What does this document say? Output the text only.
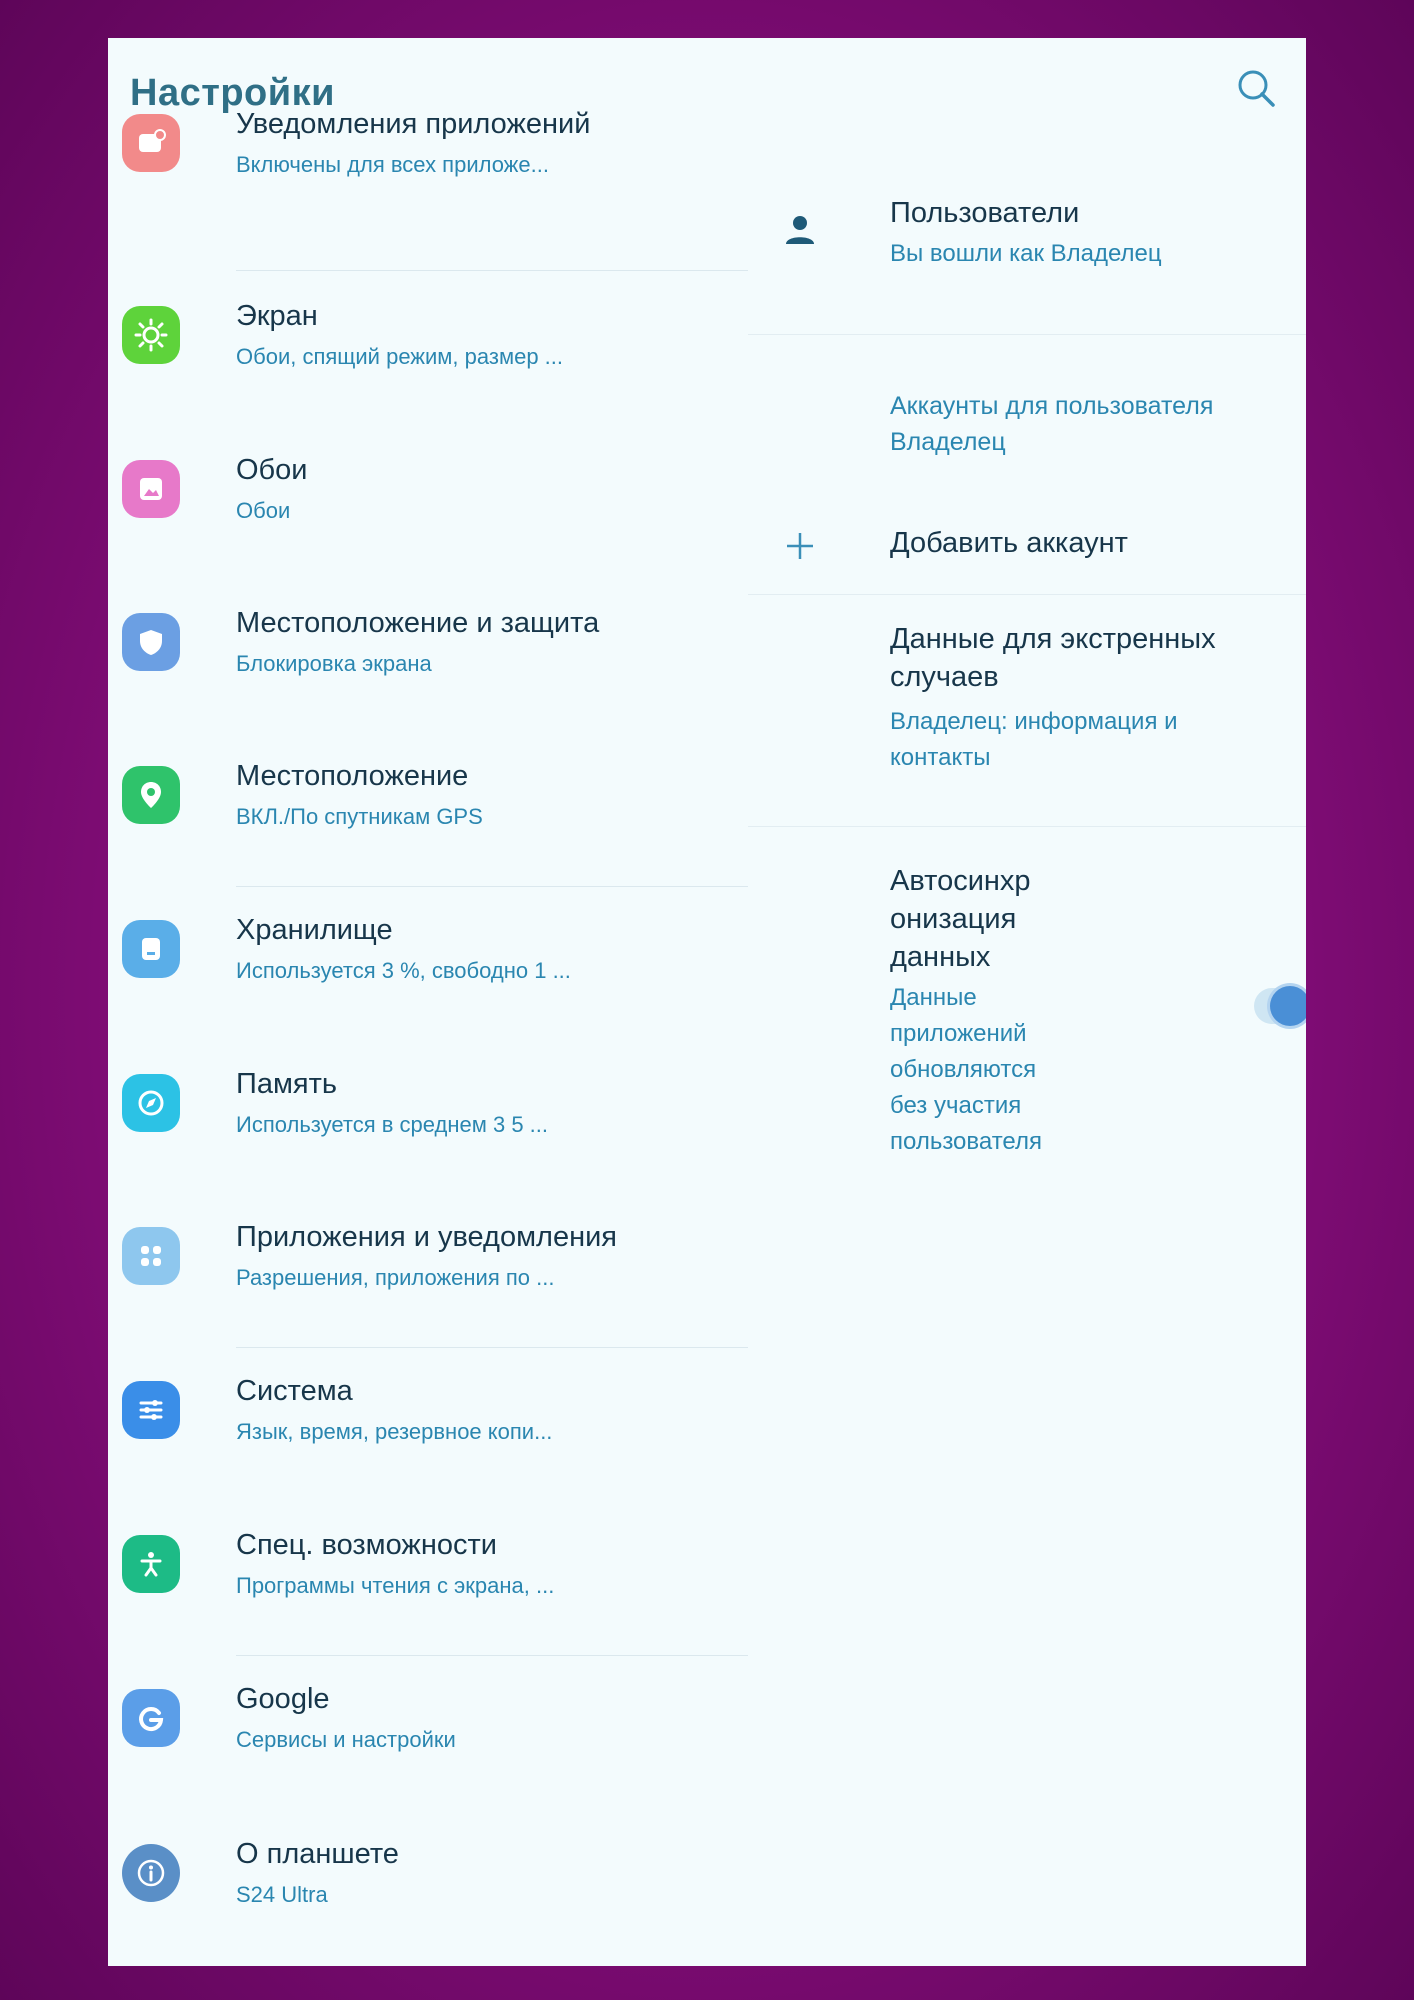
Настройки
Уведомления приложений
Включены для всех приложе...
Экран
Обои, спящий режим, размер ...
Обои
Обои
Местоположение и защита
Блокировка экрана
Местоположение
ВКЛ./По спутникам GPS
Хранилище
Используется 3 %, свободно 1 ...
Память
Используется в среднем 3 5 ...
Приложения и уведомления
Разрешения, приложения по ...
Система
Язык, время, резервное копи...
Спец. возможности
Программы чтения с экрана, ...
Google
Сервисы и настройки
О планшете
S24 Ultra
Пользователи
Вы вошли как Владелец
Аккаунты для пользователя
Владелец
Добавить аккаунт
Данные для экстренных
случаев
Владелец: информация и
контакты
Автосинхр
онизация
данных
Данные
приложений
обновляются
без участия
пользователя
